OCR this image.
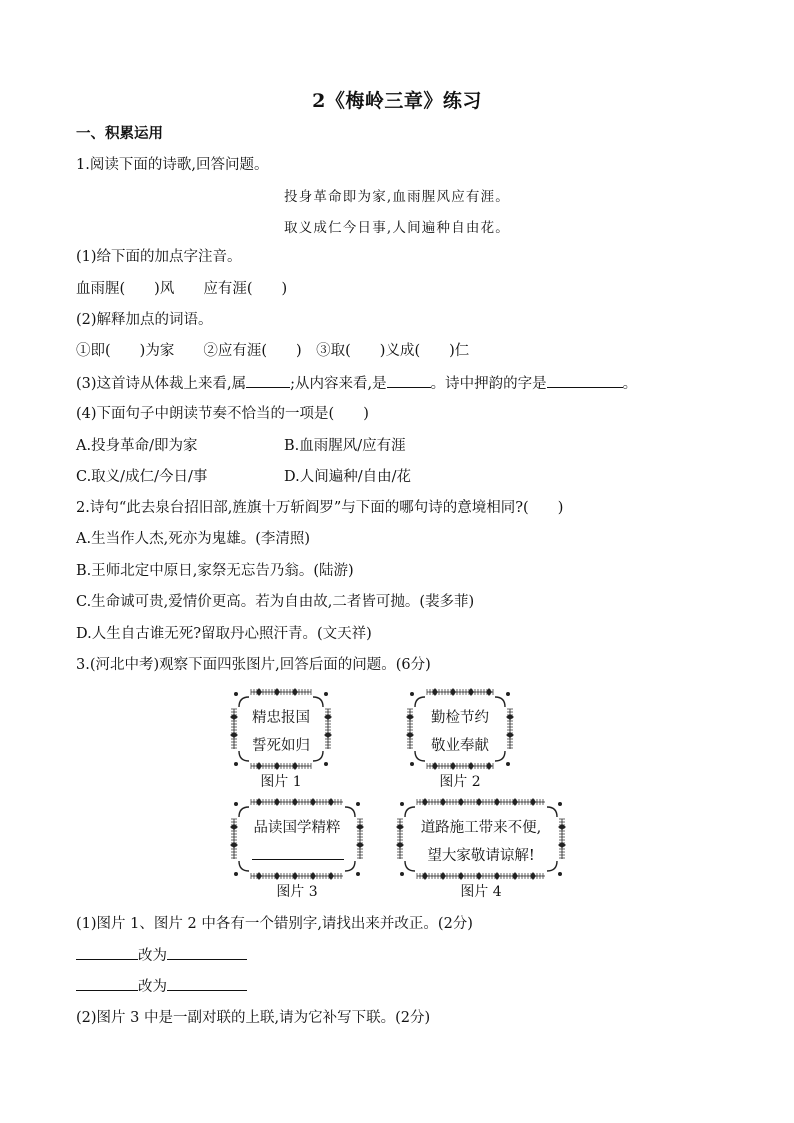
2《梅岭三章》练习
一、积累运用
1.阅读下面的诗歌,回答问题。
投身革命即为家,血雨腥风应有涯。
取义成仁今日事,人间遍种自由花。
(1)给下面的加点字注音。
血雨腥(　　)风　　应有涯(　　)
(2)解释加点的词语。
①即(　　)为家　　②应有涯(　　)　③取(　　)义成(　　)仁
(3)这首诗从体裁上来看,属	;从内容来看,是	。诗中押韵的字是	。
(4)下面句子中朗读节奏不恰当的一项是(　　)
A.投身革命/即为家	B.血雨腥风/应有涯
C.取义/成仁/今日/事	D.人间遍种/自由/花
2.诗句“此去泉台招旧部,旌旗十万斩阎罗”与下面的哪句诗的意境相同?(　　)
A.生当作人杰,死亦为鬼雄。(李清照)
B.王师北定中原日,家祭无忘告乃翁。(陆游)
C.生命诚可贵,爱情价更高。若为自由故,二者皆可抛。(裴多菲)
D.人生自古谁无死?留取丹心照汗青。(文天祥)
3.(河北中考)观察下面四张图片,回答后面的问题。(6分)
精忠报国
誓死如归
图片 1
勤检节约
敬业奉献
图片 2
品读国学精粹
图片 3
道路施工带来不便,
望大家敬请谅解!
图片 4
(1)图片 1、图片 2 中各有一个错别字,请找出来并改正。(2分)
改为
改为
(2)图片 3 中是一副对联的上联,请为它补写下联。(2分)
